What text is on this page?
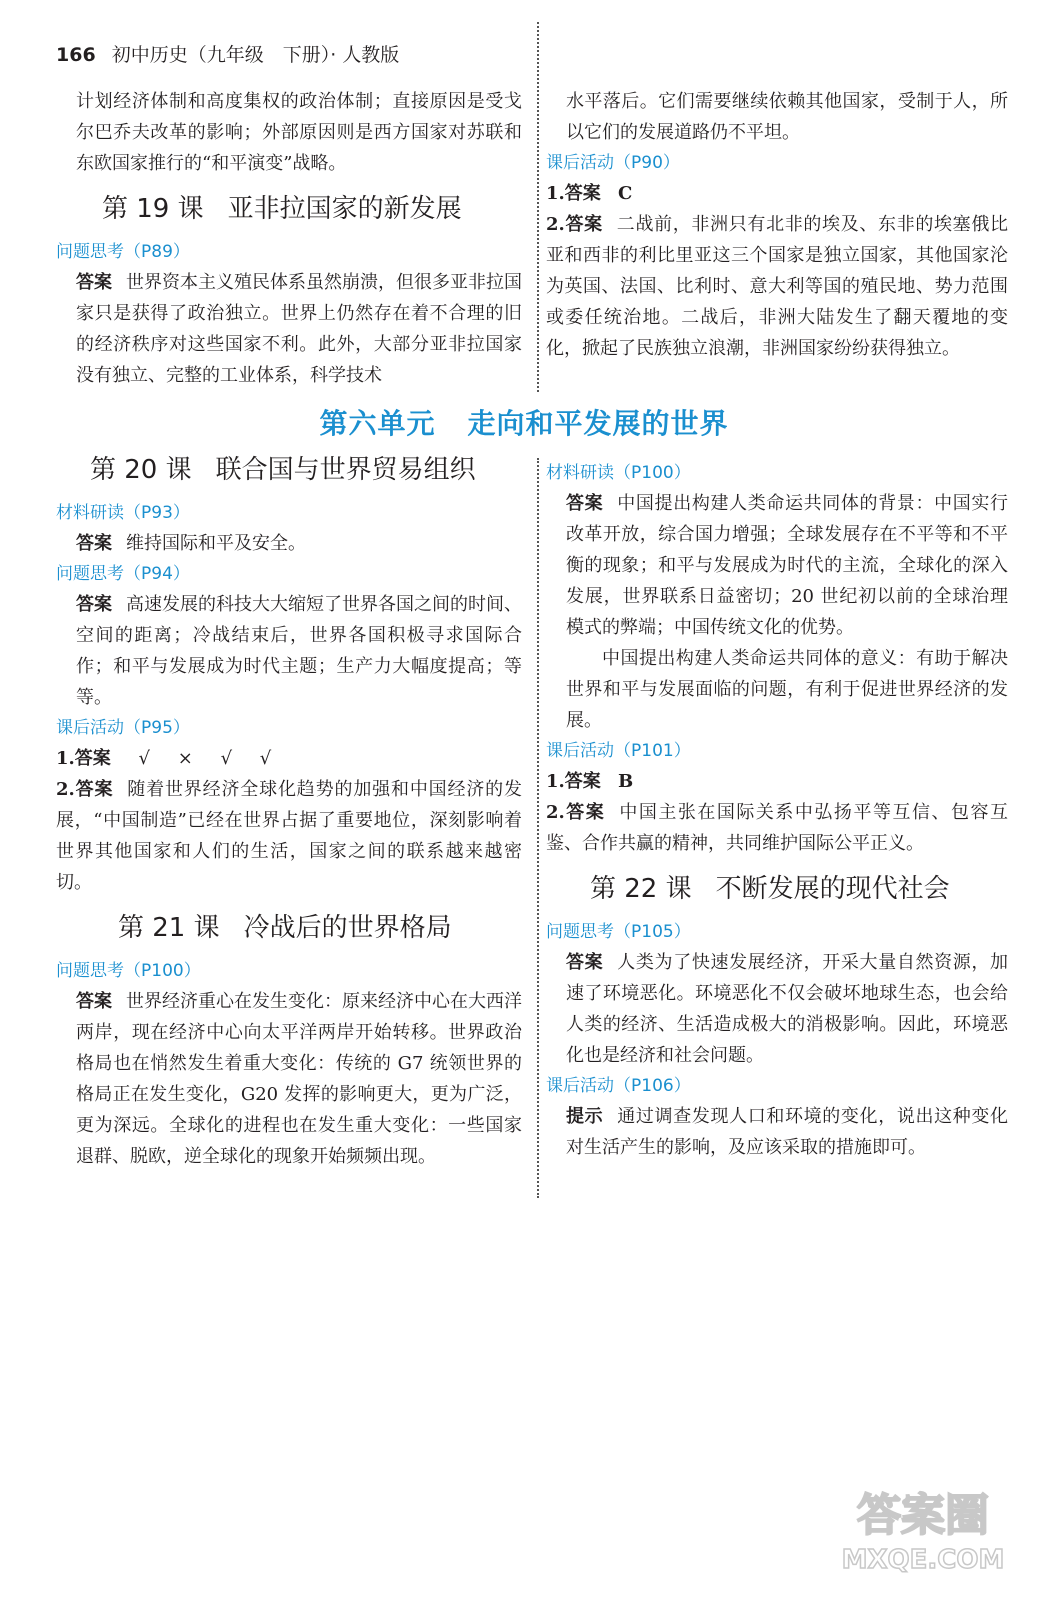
166 初中历史（九年级　下册）· 人教版

计划经济体制和高度集权的政治体制；直接原因是受戈尔巴乔夫改革的影响；外部原因则是西方国家对苏联和东欧国家推行的“和平演变”战略。

第 19 课 亚非拉国家的新发展

问题思考（P89）

答案 世界资本主义殖民体系虽然崩溃，但很多亚非拉国家只是获得了政治独立。世界上仍然存在着不合理的旧的经济秩序对这些国家不利。此外，大部分亚非拉国家没有独立、完整的工业体系，科学技术

水平落后。它们需要继续依赖其他国家，受制于人，所以它们的发展道路仍不平坦。

课后活动（P90）

1.答案 C

2.答案 二战前，非洲只有北非的埃及、东非的埃塞俄比亚和西非的利比里亚这三个国家是独立国家，其他国家沦为英国、法国、比利时、意大利等国的殖民地、势力范围或委任统治地。二战后，非洲大陆发生了翻天覆地的变化，掀起了民族独立浪潮，非洲国家纷纷获得独立。

第六单元 走向和平发展的世界
第 20 课 联合国与世界贸易组织

材料研读（P93）

答案 维持国际和平及安全。

问题思考（P94）

答案 高速发展的科技大大缩短了世界各国之间的时间、空间的距离；冷战结束后，世界各国积极寻求国际合作；和平与发展成为时代主题；生产力大幅度提高；等等。

课后活动（P95）

1.答案 √ × √ √

2.答案 随着世界经济全球化趋势的加强和中国经济的发展，“中国制造”已经在世界占据了重要地位，深刻影响着世界其他国家和人们的生活，国家之间的联系越来越密切。

第 21 课 冷战后的世界格局

问题思考（P100）

答案 世界经济重心在发生变化：原来经济中心在大西洋两岸，现在经济中心向太平洋两岸开始转移。世界政治格局也在悄然发生着重大变化：传统的 G7 统领世界的格局正在发生变化，G20 发挥的影响更大，更为广泛，更为深远。全球化的进程也在发生重大变化：一些国家退群、脱欧，逆全球化的现象开始频频出现。

材料研读（P100）

答案 中国提出构建人类命运共同体的背景：中国实行改革开放，综合国力增强；全球发展存在不平等和不平衡的现象；和平与发展成为时代的主流，全球化的深入发展，世界联系日益密切；20 世纪初以前的全球治理模式的弊端；中国传统文化的优势。

中国提出构建人类命运共同体的意义：有助于解决世界和平与发展面临的问题，有利于促进世界经济的发展。

课后活动（P101）

1.答案 B

2.答案 中国主张在国际关系中弘扬平等互信、包容互鉴、合作共赢的精神，共同维护国际公平正义。

第 22 课 不断发展的现代社会

问题思考（P105）

答案 人类为了快速发展经济，开采大量自然资源，加速了环境恶化。环境恶化不仅会破坏地球生态，也会给人类的经济、生活造成极大的消极影响。因此，环境恶化也是经济和社会问题。

课后活动（P106）

提示 通过调查发现人口和环境的变化，说出这种变化对生活产生的影响，及应该采取的措施即可。

答案圈
MXQE.COM
